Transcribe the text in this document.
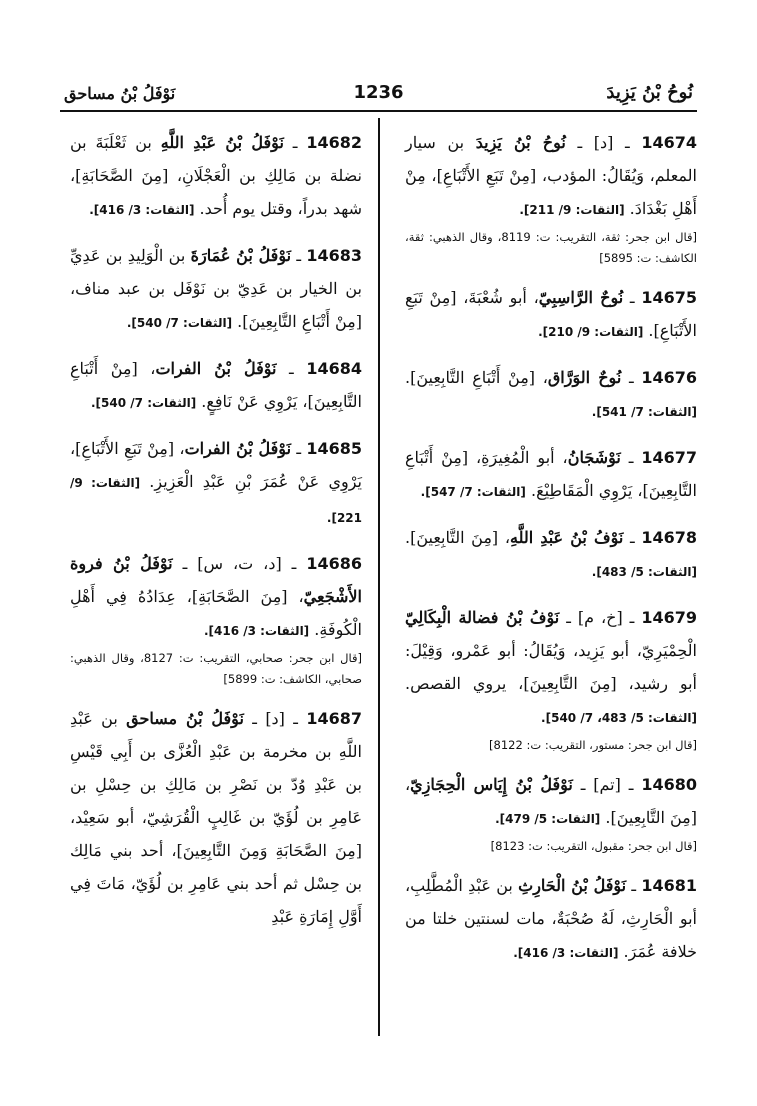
نُوحُ بْنُ يَزِيدَ
1236
نَوْفَلُ بْنُ مساحق

14674 ـ [د] ـ نُوحُ بْنُ يَزِيدَ بن سيار المعلم، وَيُقَالُ: المؤدب، [مِنْ تَبَعِ الأَتْبَاعِ]، مِنْ أَهْلِ بَغْدَادَ. [الثقات: 9/ 211].

[قال ابن جحر: ثقة، التقريب: ت: 8119، وقال الذهبي: ثقة، الكاشف: ت: 5895]

14675 ـ نُوحٌ الرَّاسِبِيّ، أبو شُعْبَةَ، [مِنْ تَبَعِ الأَتْبَاعِ]. [الثقات: 9/ 210].

14676 ـ نُوحٌ الوَرَّاق، [مِنْ أَتْبَاعِ التَّابِعِينَ]. [الثقات: 7/ 541].

14677 ـ نَوْشَجَانُ، أبو الْمُغِيرَةِ، [مِنْ أَتْبَاعِ التَّابِعِينَ]، يَرْوِي الْمَقَاطِيْعَ. [الثقات: 7/ 547].

14678 ـ نَوْفُ بْنُ عَبْدِ اللَّهِ، [مِنَ التَّابِعِينَ]. [الثقات: 5/ 483].

14679 ـ [خ، م] ـ نَوْفُ بْنُ فضالة الْبِكَالِيّ الْحِمْيَرِيّ، أبو يَزِيد، وَيُقَالُ: أبو عَمْرو، وَقِيْلَ: أبو رشيد، [مِنَ التَّابِعِينَ]، يروي القصص. [الثقات: 5/ 483، 7/ 540].

[قال ابن جحر: مستور، التقريب: ت: 8122]

14680 ـ [تم] ـ نَوْفَلُ بْنُ إِيَاس الْحِجَازِيّ، [مِنَ التَّابِعِينَ]. [الثقات: 5/ 479].

[قال ابن جحر: مقبول، التقريب: ت: 8123]

14681 ـ نَوْفَلُ بْنُ الْحَارِثِ بن عَبْدِ الْمُطَّلِبِ، أبو الْحَارِثِ، لَهُ صُحْبَةٌ، مات لسنتين خلتا من خلافة عُمَرَ. [الثقات: 3/ 416].

14682 ـ نَوْفَلُ بْنُ عَبْدِ اللَّهِ بن ثَعْلَبَةَ بن نضلة بن مَالِكِ بن الْعَجْلَانِ، [مِنَ الصَّحَابَةِ]، شهد بدراً، وقتل يوم أُحد. [الثقات: 3/ 416].

14683 ـ نَوْفَلُ بْنُ عُمَارَةَ بن الْوَلِيدِ بن عَدِيِّ بن الخيار بن عَدِيّ بن نَوْفَل بن عبد مناف، [مِنْ أَتْبَاعِ التَّابِعِينَ]. [الثقات: 7/ 540].

14684 ـ نَوْفَلُ بْنُ الفرات، [مِنْ أَتْبَاعِ التَّابِعِينَ]، يَرْوِي عَنْ نَافِعٍ. [الثقات: 7/ 540].

14685 ـ نَوْفَلُ بْنُ الفرات، [مِنْ تَبَعِ الأَتْبَاعِ]، يَرْوِي عَنْ عُمَرَ بْنِ عَبْدِ الْعَزِيزِ. [الثقات: 9/ 221].

14686 ـ [د، ت، س] ـ نَوْفَلُ بْنُ فروة الأَشْجَعِيّ، [مِنَ الصَّحَابَةِ]، عِدَادُهُ فِي أَهْلِ الْكُوفَةِ. [الثقات: 3/ 416].

[قال ابن جحر: صحابي، التقريب: ت: 8127، وقال الذهبي: صحابي، الكاشف: ت: 5899]

14687 ـ [د] ـ نَوْفَلُ بْنُ مساحق بن عَبْدِ اللَّهِ بن مخرمة بن عَبْدِ الْعُزَّى بن أَبِي قَيْسِ بن عَبْدِ وُدّ بن نَصْرِ بن مَالِكِ بن حِسْلِ بن عَامِرِ بن لُؤَيّ بن غَالِبٍ الْقُرَشِيّ، أبو سَعِيْد، [مِنَ الصَّحَابَةِ وَمِنَ التَّابِعِينَ]، أحد بني مَالِك بن حِسْل ثم أحد بني عَامِرِ بن لُؤَيّ، مَاتَ فِي أَوَّلِ إِمَارَةِ عَبْدِ
